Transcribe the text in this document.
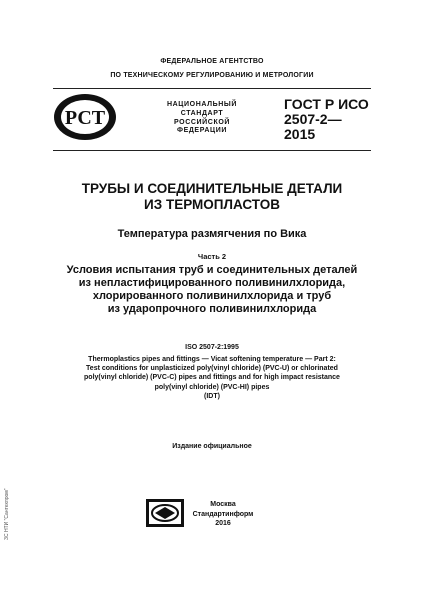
ФЕДЕРАЛЬНОЕ АГЕНТСТВО
ПО ТЕХНИЧЕСКОМУ РЕГУЛИРОВАНИЮ И МЕТРОЛОГИИ
РСТ
НАЦИОНАЛЬНЫЙ
СТАНДАРТ
РОССИЙСКОЙ
ФЕДЕРАЦИИ
ГОСТ Р ИСО
2507-2—
2015
ТРУБЫ И СОЕДИНИТЕЛЬНЫЕ ДЕТАЛИ
ИЗ ТЕРМОПЛАСТОВ
Температура размягчения по Вика
Часть 2
Условия испытания труб и соединительных деталей
из непластифицированного поливинилхлорида,
хлорированного поливинилхлорида и труб
из ударопрочного поливинилхлорида
ISO 2507-2:1995
Thermoplastics pipes and fittings — Vicat softening temperature — Part 2:
Test conditions for unplasticized poly(vinyl chloride) (PVC-U) or chlorinated
poly(vinyl chloride) (PVC-C) pipes and fittings and for high impact resistance
poly(vinyl chloride) (PVC-HI) pipes
(IDT)
Издание официальное
Москва
Стандартинформ
2016
ЗС НТИ "Сантехпром"
